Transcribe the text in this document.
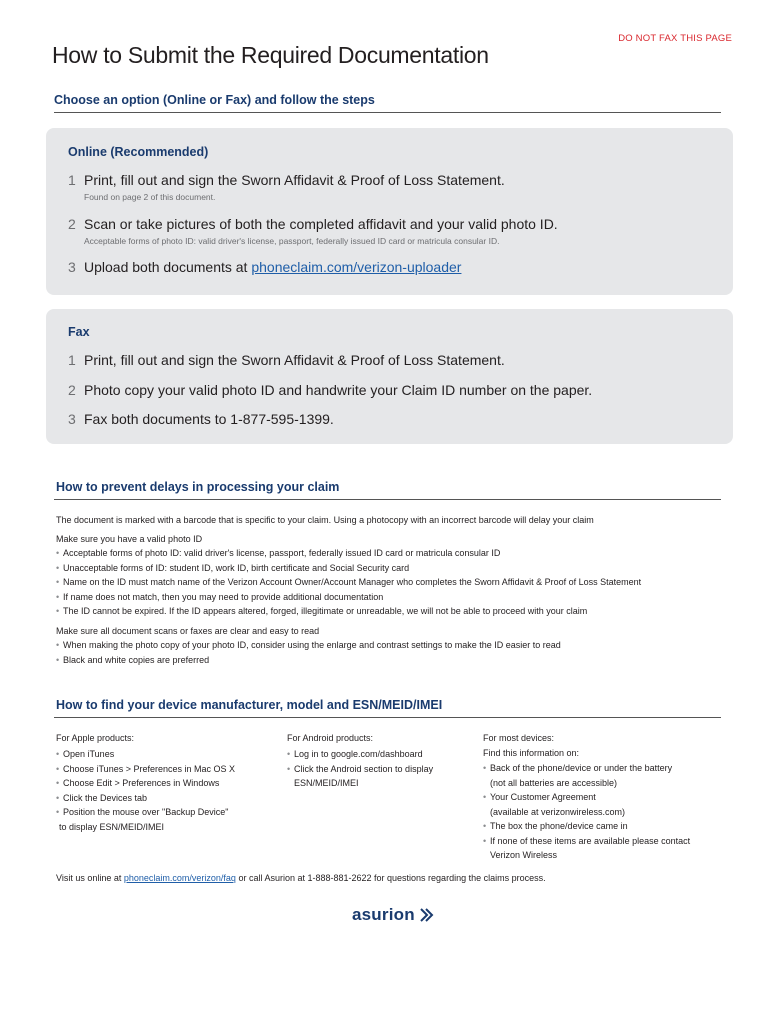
DO NOT FAX THIS PAGE
How to Submit the Required Documentation
Choose an option (Online or Fax) and follow the steps
Online (Recommended)
1 Print, fill out and sign the Sworn Affidavit & Proof of Loss Statement.
Found on page 2 of this document.
2 Scan or take pictures of both the completed affidavit and your valid photo ID.
Acceptable forms of photo ID: valid driver's license, passport, federally issued ID card or matricula consular ID.
3 Upload both documents at phoneclaim.com/verizon-uploader
Fax
1 Print, fill out and sign the Sworn Affidavit & Proof of Loss Statement.
2 Photo copy your valid photo ID and handwrite your Claim ID number on the paper.
3 Fax both documents to 1-877-595-1399.
How to prevent delays in processing your claim
The document is marked with a barcode that is specific to your claim. Using a photocopy with an incorrect barcode will delay your claim
Make sure you have a valid photo ID
• Acceptable forms of photo ID: valid driver's license, passport, federally issued ID card or matricula consular ID
• Unacceptable forms of ID: student ID, work ID, birth certificate and Social Security card
• Name on the ID must match name of the Verizon Account Owner/Account Manager who completes the Sworn Affidavit & Proof of Loss Statement
• If name does not match, then you may need to provide additional documentation
• The ID cannot be expired. If the ID appears altered, forged, illegitimate or unreadable, we will not be able to proceed with your claim
Make sure all document scans or faxes are clear and easy to read
• When making the photo copy of your photo ID, consider using the enlarge and contrast settings to make the ID easier to read
• Black and white copies are preferred
How to find your device manufacturer, model and ESN/MEID/IMEI
For Apple products:
• Open iTunes
• Choose iTunes > Preferences in Mac OS X
• Choose Edit > Preferences in Windows
• Click the Devices tab
• Position the mouse over "Backup Device"
to display ESN/MEID/IMEI
For Android products:
• Log in to google.com/dashboard
• Click the Android section to display
ESN/MEID/IMEI
For most devices:
Find this information on:
• Back of the phone/device or under the battery
(not all batteries are accessible)
• Your Customer Agreement
(available at verizonwireless.com)
• The box the phone/device came in
• If none of these items are available please contact
Verizon Wireless
Visit us online at phoneclaim.com/verizon/faq or call Asurion at 1-888-881-2622 for questions regarding the claims process.
asurion
